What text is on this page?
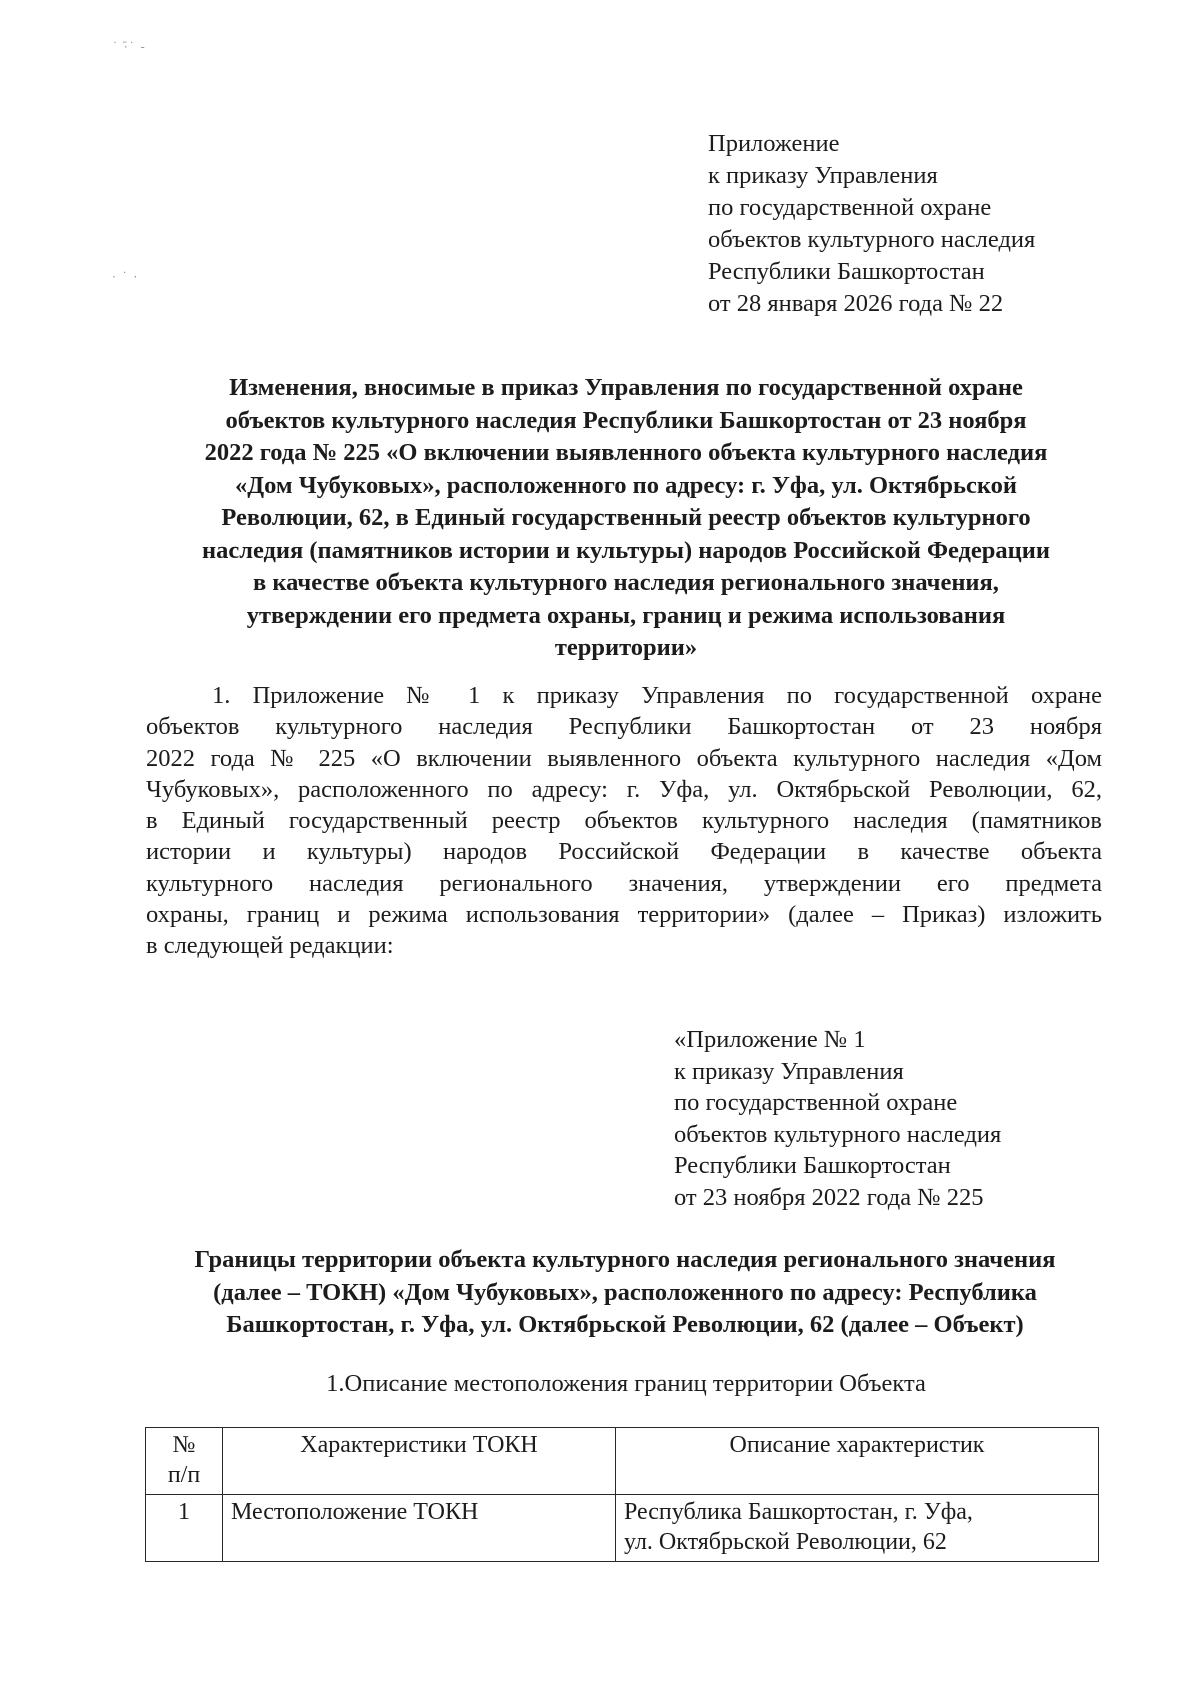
˙ ·̄˙ -
· ˙ ·
Приложение
к приказу Управления
по государственной охране
объектов культурного наследия
Республики Башкортостан
от 28 января 2026 года № 22
Изменения, вносимые в приказ Управления по государственной охране
объектов культурного наследия Республики Башкортостан от 23 ноября
2022 года № 225 «О включении выявленного объекта культурного наследия
«Дом Чубуковых», расположенного по адресу: г. Уфа, ул. Октябрьской
Революции, 62, в Единый государственный реестр объектов культурного
наследия (памятников истории и культуры) народов Российской Федерации
в качестве объекта культурного наследия регионального значения,
утверждении его предмета охраны, границ и режима использования
территории»
1. Приложение № 1 к приказу Управления по государственной охране
объектов культурного наследия Республики Башкортостан от 23 ноября
2022 года № 225 «О включении выявленного объекта культурного наследия «Дом
Чубуковых», расположенного по адресу: г. Уфа, ул. Октябрьской Революции, 62,
в Единый государственный реестр объектов культурного наследия (памятников
истории и культуры) народов Российской Федерации в качестве объекта
культурного наследия регионального значения, утверждении его предмета
охраны, границ и режима использования территории» (далее – Приказ) изложить
в следующей редакции:
«Приложение № 1
к приказу Управления
по государственной охране
объектов культурного наследия
Республики Башкортостан
от 23 ноября 2022 года № 225
Границы территории объекта культурного наследия регионального значения
(далее – ТОКН) «Дом Чубуковых», расположенного по адресу: Республика
Башкортостан, г. Уфа, ул. Октябрьской Революции, 62 (далее – Объект)
1.Описание местоположения границ территории Объекта
№
п/п	Характеристики ТОКН	Описание характеристик
1	Местоположение ТОКН	Республика Башкортостан, г. Уфа,
ул. Октябрьской Революции, 62
